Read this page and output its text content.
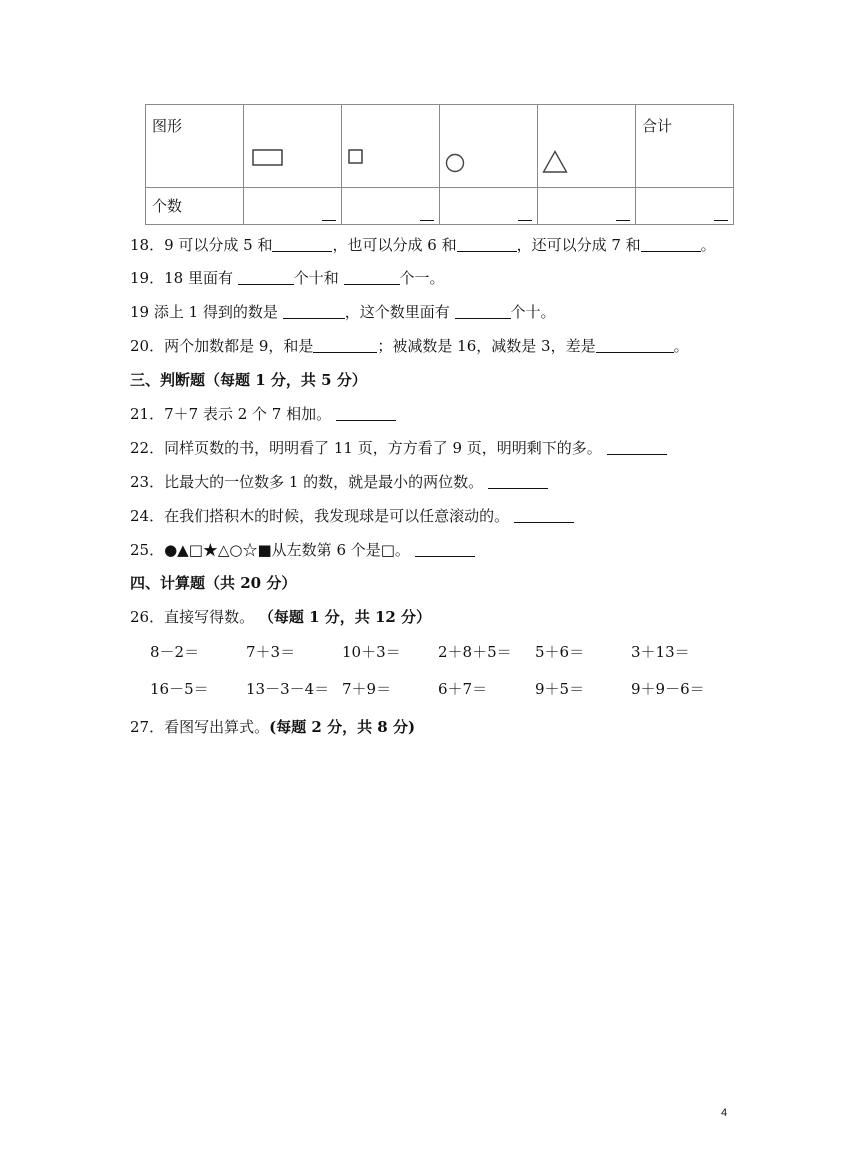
图形					合计

个数					

18．9 可以分成 5 和	，也可以分成 6 和	，还可以分成 7 和	。
19．18 里面有	个十和	个一。
19 添上 1 得到的数是	，这个数里面有	个十。
20．两个加数都是 9，和是	；被减数是 16，减数是 3，差是	。
三、判断题（每题 1 分，共 5 分）
21．7＋7 表示 2 个 7 相加。
22．同样页数的书，明明看了 11 页，方方看了 9 页，明明剩下的多。
23．比最大的一位数多 1 的数，就是最小的两位数。
24．在我们搭积木的时候，我发现球是可以任意滚动的。
25．●▲□★△○☆■从左数第 6 个是□。
四、计算题（共 20 分）
26．直接写得数。 （每题 1 分，共 12 分）
8－2＝	7＋3＝	10＋3＝ 2＋8＋5＝ 5＋6＝	3＋13＝
16－5＝ 13－3－4＝ 7＋9＝	6＋7＝	9＋5＝	9＋9－6＝
27．看图写出算式。(每题 2 分，共 8 分)
4
